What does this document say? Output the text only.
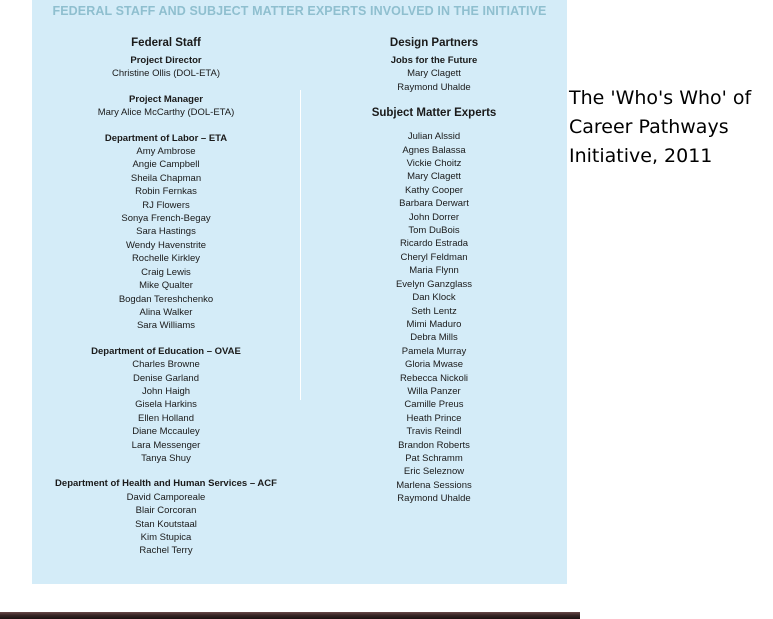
FEDERAL STAFF AND SUBJECT MATTER EXPERTS INVOLVED IN THE INITIATIVE
Federal Staff
Project Director
Christine Ollis (DOL-ETA)
Project Manager
Mary Alice McCarthy (DOL-ETA)
Department of Labor – ETA
Amy Ambrose
Angie Campbell
Sheila Chapman
Robin Fernkas
RJ Flowers
Sonya French-Begay
Sara Hastings
Wendy Havenstrite
Rochelle Kirkley
Craig Lewis
Mike Qualter
Bogdan Tereshchenko
Alina Walker
Sara Williams
Department of Education – OVAE
Charles Browne
Denise Garland
John Haigh
Gisela Harkins
Ellen Holland
Diane Mccauley
Lara Messenger
Tanya Shuy
Department of Health and Human Services – ACF
David Camporeale
Blair Corcoran
Stan Koutstaal
Kim Stupica
Rachel Terry
Design Partners
Jobs for the Future
Mary Clagett
Raymond Uhalde
Subject Matter Experts
Julian Alssid
Agnes Balassa
Vickie Choitz
Mary Clagett
Kathy Cooper
Barbara Derwart
John Dorrer
Tom DuBois
Ricardo Estrada
Cheryl Feldman
Maria Flynn
Evelyn Ganzglass
Dan Klock
Seth Lentz
Mimi Maduro
Debra Mills
Pamela Murray
Gloria Mwase
Rebecca Nickoli
Willa Panzer
Camille Preus
Heath Prince
Travis Reindl
Brandon Roberts
Pat Schramm
Eric Seleznow
Marlena Sessions
Raymond Uhalde
The 'Who's Who' of
Career Pathways
Initiative, 2011
